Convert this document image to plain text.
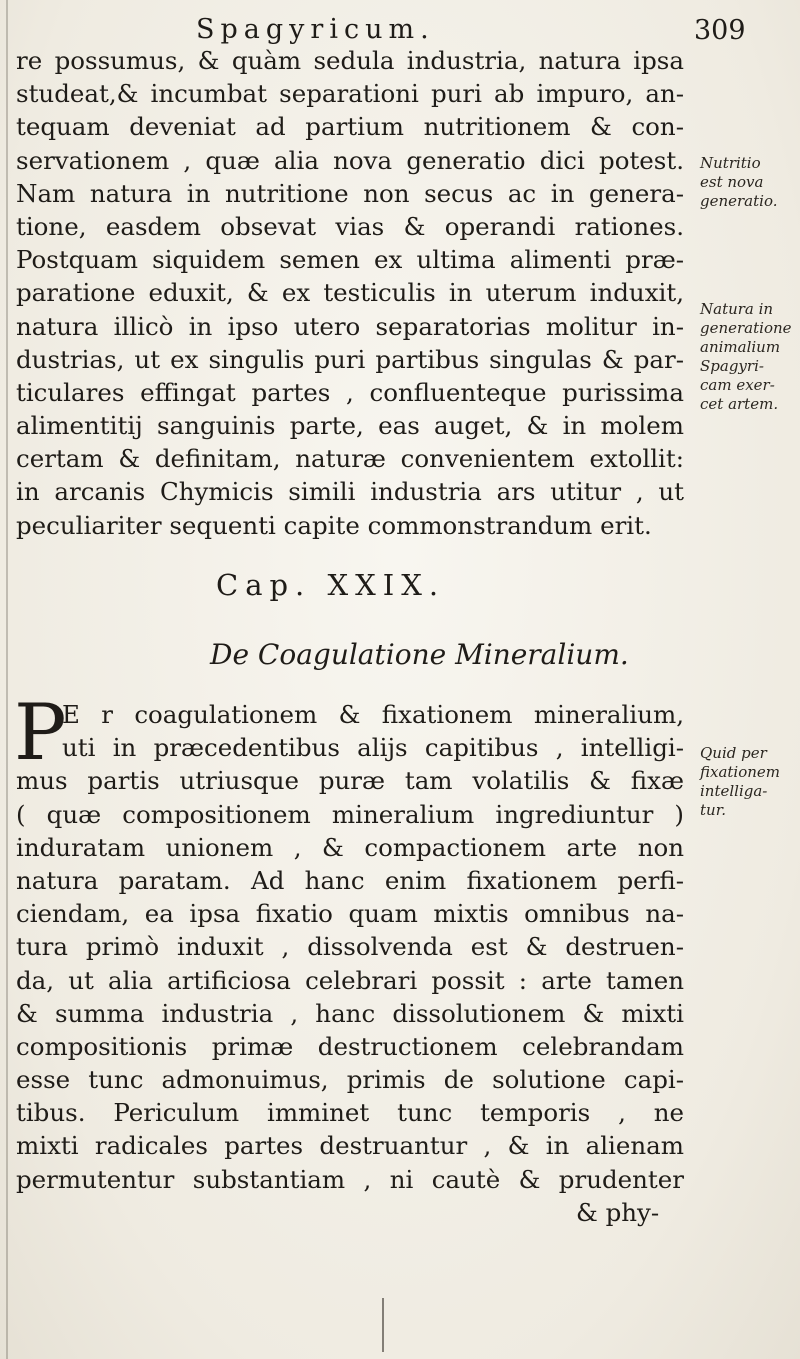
Spagyricum.	309
re possumus, & quàm sedula industria, natura ipsa
studeat,& incumbat separationi puri ab impuro, an-
tequam deveniat ad partium nutritionem & con-
servationem , quæ alia nova generatio dici potest.
Nam natura in nutritione non secus ac in genera-
tione, easdem obsevat vias & operandi rationes.
Postquam siquidem semen ex ultima alimenti præ-
paratione eduxit, & ex testiculis in uterum induxit,
natura illicò in ipso utero separatorias molitur in-
dustrias, ut ex singulis puri partibus singulas & par-
ticulares effingat partes , confluenteque purissima
alimentitij sanguinis parte, eas auget, & in molem
certam & definitam, naturæ convenientem extollit:
in arcanis Chymicis simili industria ars utitur , ut
peculiariter sequenti capite commonstrandum erit.
Cap. XXIX.
De Coagulatione Mineralium.
P
E r coagulationem & fixationem mineralium,
uti in præcedentibus alijs capitibus , intelligi-
mus partis utriusque puræ tam volatilis & fixæ
( quæ compositionem mineralium ingrediuntur )
induratam unionem , & compactionem arte non
natura paratam. Ad hanc enim fixationem perfi-
ciendam, ea ipsa fixatio quam mixtis omnibus na-
tura primò induxit , dissolvenda est & destruen-
da, ut alia artificiosa celebrari possit : arte tamen
& summa industria , hanc dissolutionem & mixti
compositionis primæ destructionem celebrandam
esse tunc admonuimus, primis de solutione capi-
tibus. Periculum imminet tunc temporis , ne
mixti radicales partes destruantur , & in alienam
permutentur substantiam , ni cautè & prudenter
& phy-
Nutritio
est nova
generatio.
Natura in
generatione
animalium
Spagyri-
cam exer-
cet artem.
Quid per
fixationem
intelliga-
tur.
